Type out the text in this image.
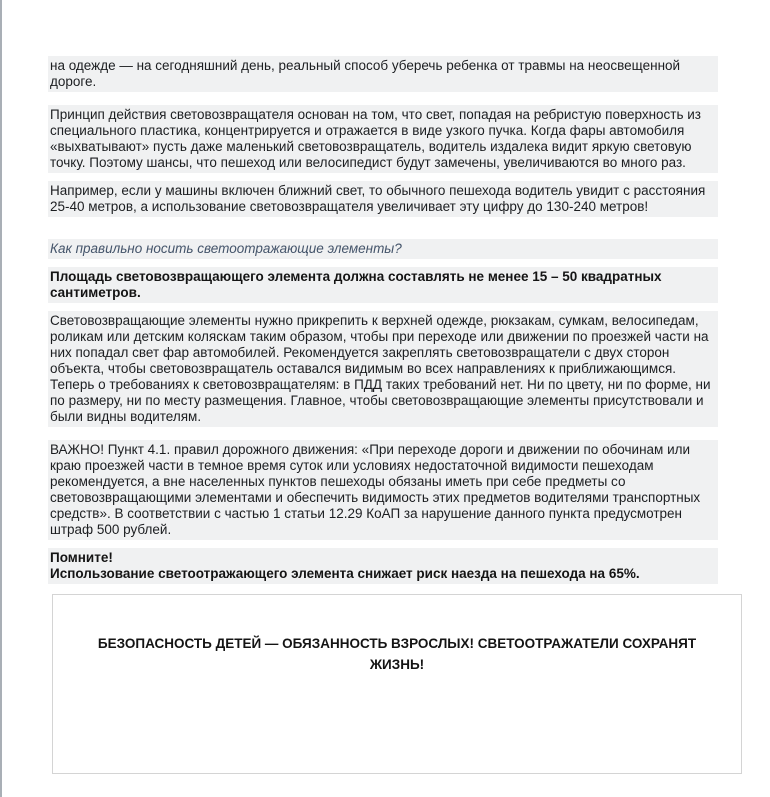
на одежде — на сегодняшний день, реальный способ уберечь ребенка от травмы на неосвещенной дороге.

Принцип действия световозвращателя основан на том, что свет, попадая на ребристую поверхность из специального пластика, концентрируется и отражается в виде узкого пучка. Когда фары автомобиля «выхватывают» пусть даже маленький световозвращатель, водитель издалека видит яркую световую точку. Поэтому шансы, что пешеход или велосипедист будут замечены, увеличиваются во много раз.

Например, если у машины включен ближний свет, то обычного пешехода водитель увидит с расстояния 25-40 метров, а использование световозвращателя увеличивает эту цифру до 130-240 метров!

Как правильно носить светоотражающие элементы?

Площадь световозвращающего элемента должна составлять не менее 15 – 50 квадратных сантиметров.

Световозвращающие элементы нужно прикрепить к верхней одежде, рюкзакам, сумкам, велосипедам, роликам или детским коляскам таким образом, чтобы при переходе или движении по проезжей части на них попадал свет фар автомобилей. Рекомендуется закреплять световозвращатели с двух сторон объекта, чтобы световозвращатель оставался видимым во всех направлениях к приближающимся. Теперь о требованиях к световозвращателям: в ПДД таких требований нет. Ни по цвету, ни по форме, ни по размеру, ни по месту размещения. Главное, чтобы световозвращающие элементы присутствовали и были видны водителям.

ВАЖНО! Пункт 4.1. правил дорожного движения: «При переходе дороги и движении по обочинам или краю проезжей части в темное время суток или условиях недостаточной видимости пешеходам рекомендуется, а вне населенных пунктов пешеходы обязаны иметь при себе предметы со световозвращающими элементами и обеспечить видимость этих предметов водителями транспортных средств». В соответствии с частью 1 статьи 12.29 КоАП за нарушение данного пункта предусмотрен штраф 500 рублей.

Помните!
Использование светоотражающего элемента снижает риск наезда на пешехода на 65%.

БЕЗОПАСНОСТЬ ДЕТЕЙ — ОБЯЗАННОСТЬ ВЗРОСЛЫХ! СВЕТООТРАЖАТЕЛИ СОХРАНЯТ ЖИЗНЬ!
